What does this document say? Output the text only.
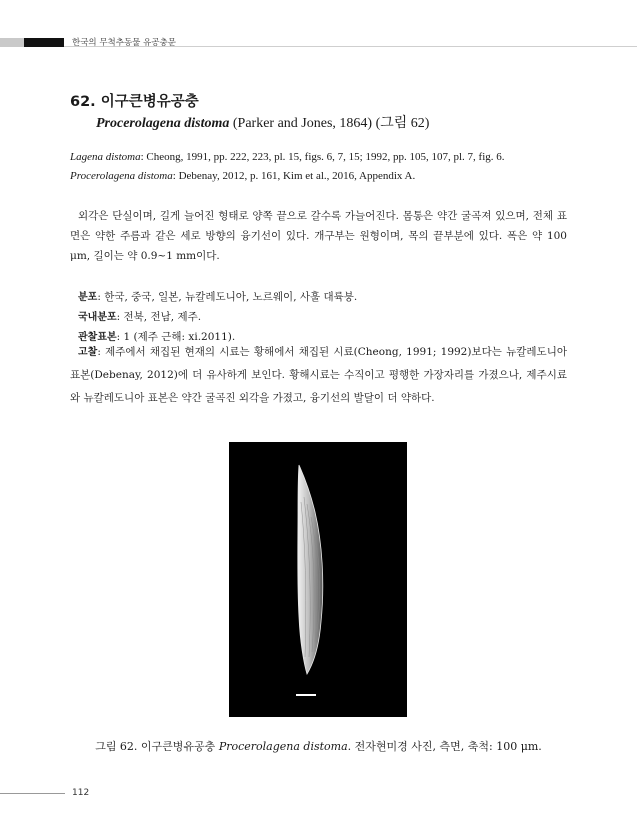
한국의 무척추동물 유공충문
62. 이구큰병유공충
Procerolagena distoma (Parker and Jones, 1864) (그림 62)
Lagena distoma: Cheong, 1991, pp. 222, 223, pl. 15, figs. 6, 7, 15; 1992, pp. 105, 107, pl. 7, fig. 6.
Procerolagena distoma: Debenay, 2012, p. 161, Kim et al., 2016, Appendix A.
외각은 단실이며, 길게 늘어진 형태로 양쪽 끝으로 갈수록 가늘어진다. 몸통은 약간 굴곡져 있으며, 전체 표면은 약한 주름과 같은 세로 방향의 융기선이 있다. 개구부는 원형이며, 목의 끝부분에 있다. 폭은 약 100 μm, 길이는 약 0.9~1 mm이다.
분포: 한국, 중국, 일본, 뉴칼레도니아, 노르웨이, 사훌 대륙붕.
국내분포: 전북, 전남, 제주.
관찰표본: 1 (제주 근해: xi.2011).
고찰: 제주에서 채집된 현재의 시료는 황해에서 채집된 시료(Cheong, 1991; 1992)보다는 뉴칼레도니아 표본(Debenay, 2012)에 더 유사하게 보인다. 황해시료는 수직이고 평행한 가장자리를 가졌으나, 제주시료와 뉴칼레도니아 표본은 약간 굴곡진 외각을 가졌고, 융기선의 발달이 더 약하다.
그림 62. 이구큰병유공충 Procerolagena distoma. 전자현미경 사진, 측면, 축척: 100 μm.
112
